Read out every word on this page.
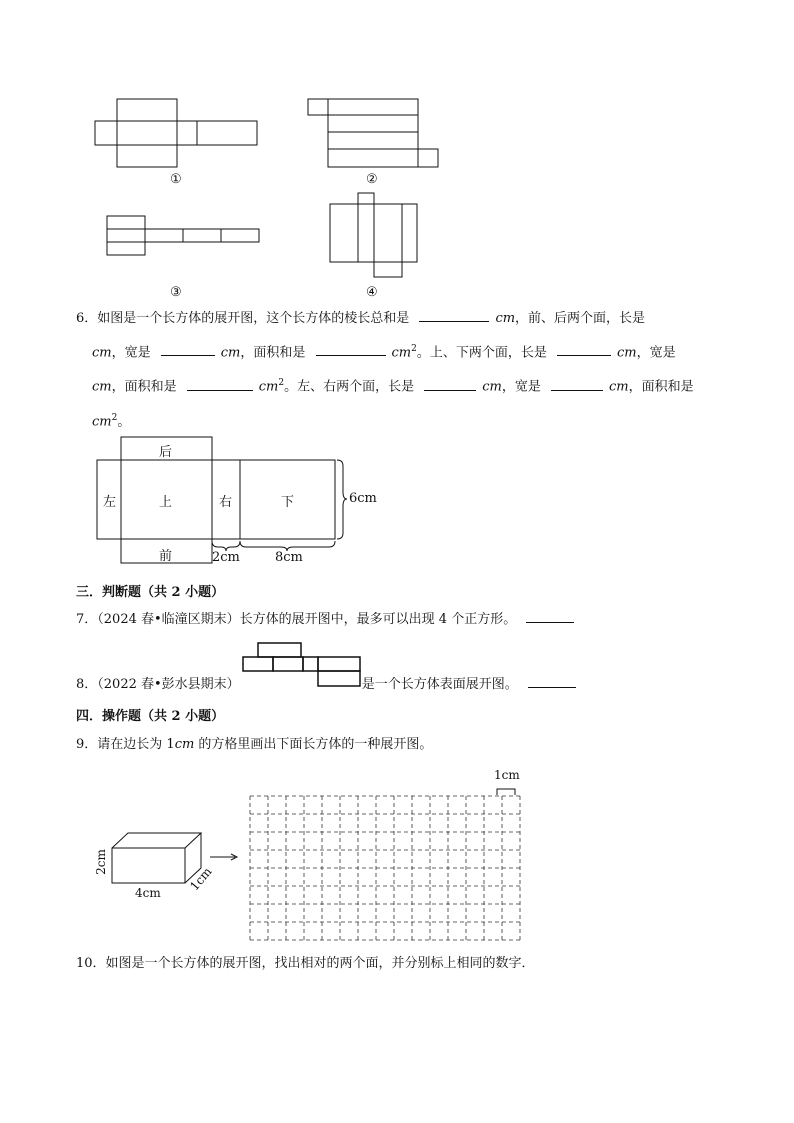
①	②
③	④
6．如图是一个长方体的展开图，这个长方体的棱长总和是	cm，前、后两个面，长是
cm，宽是	cm，面积和是	$cm^2$。上、下两个面，长是	cm，宽是
cm，面积和是	$cm^2$。左、右两个面，长是	cm，宽是	cm，面积和是
$cm^2$。
后
左	上	右	下
前	2cm	8cm
6cm
三．判断题（共 2 小题）
7．（2024 春•临潼区期末）长方体的展开图中，最多可以出现 4 个正方形。
8．（2022 春•彭水县期末）	是一个长方体表面展开图。
四．操作题（共 2 小题）
9．请在边长为 1cm 的方格里画出下面长方体的一种展开图。
1cm
2cm
4cm 1cm
10．如图是一个长方体的展开图，找出相对的两个面，并分别标上相同的数字．
